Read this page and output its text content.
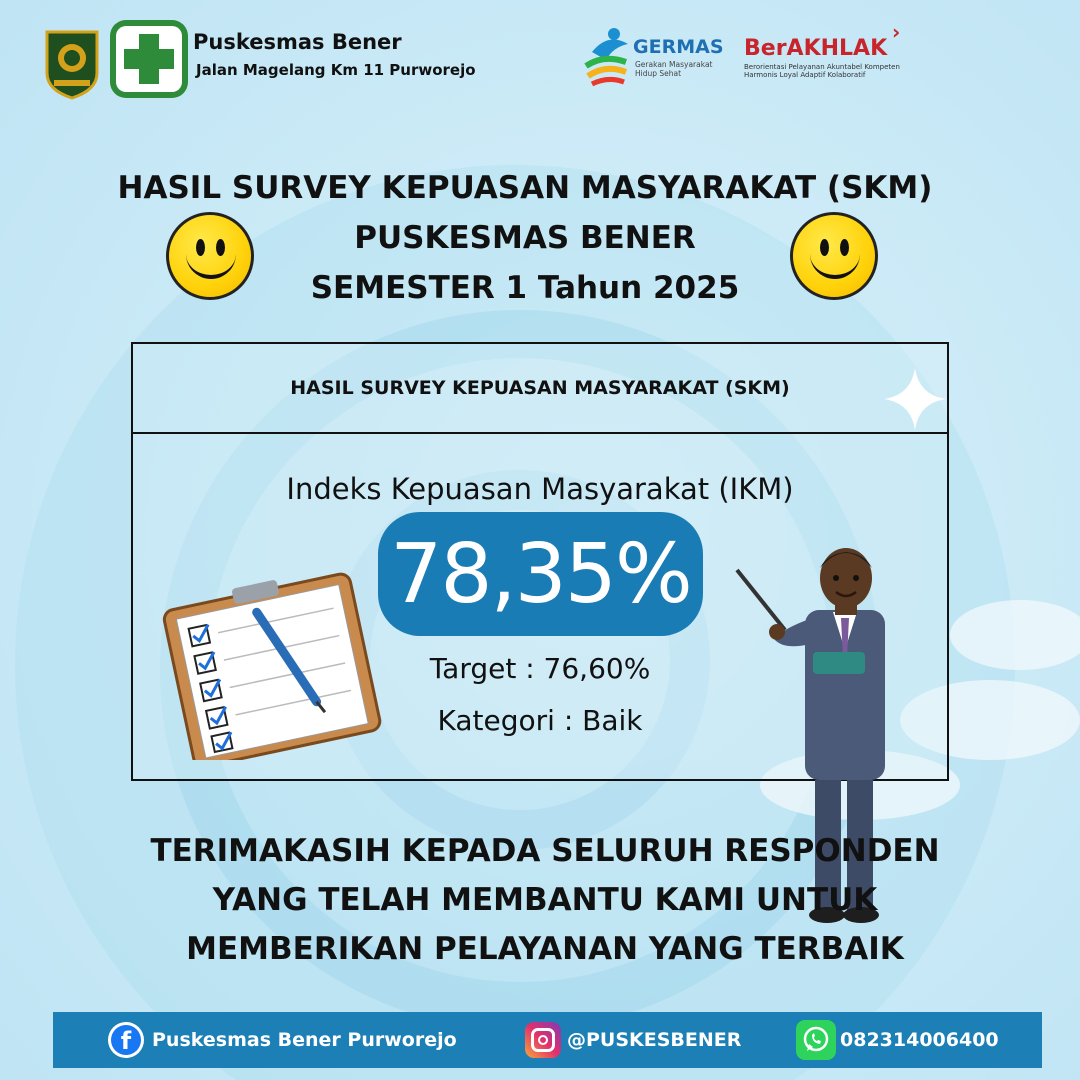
Puskesmas Bener
Jalan Magelang Km 11 Purworejo
GERMAS
Gerakan Masyarakat Hidup Sehat
BerAKHLAK
›
Berorientasi Pelayanan Akuntabel Kompeten Harmonis Loyal Adaptif Kolaboratif
HASIL SURVEY KEPUASAN MASYARAKAT (SKM)
PUSKESMAS BENER
SEMESTER 1 Tahun 2025
HASIL SURVEY KEPUASAN MASYARAKAT (SKM)
Indeks Kepuasan Masyarakat (IKM)
78,35%
Target : 76,60%
Kategori : Baik
TERIMAKASIH KEPADA SELURUH RESPONDEN
YANG TELAH MEMBANTU KAMI UNTUK
MEMBERIKAN PELAYANAN YANG TERBAIK
f	Puskesmas Bener Purworejo	@PUSKESBENER	082314006400
